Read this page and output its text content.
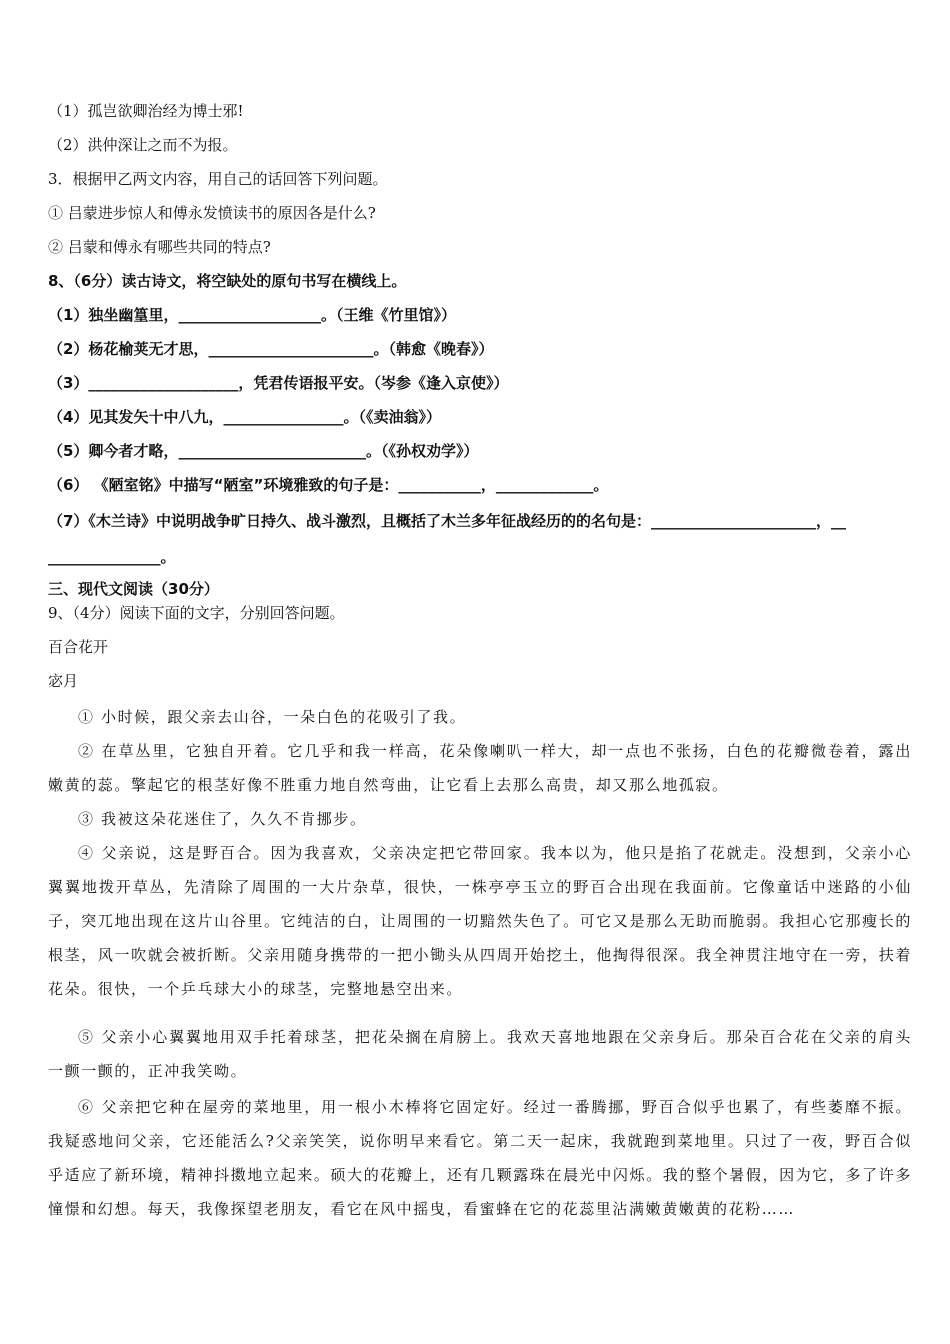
（1）孤岂欲卿治经为博士邪!
（2）洪仲深让之而不为报。
3．根据甲乙两文内容，用自己的话回答下列问题。
① 吕蒙进步惊人和傅永发愤读书的原因各是什么?
② 吕蒙和傅永有哪些共同的特点?
8、（6分）读古诗文，将空缺处的原句书写在横线上。
（1）独坐幽篁里，___________________。（王维《竹里馆》）
（2）杨花榆荚无才思，______________________。（韩愈《晚春》）
（3）____________________，凭君传语报平安。（岑参《逢入京使》）
（4）见其发矢十中八九，________________。（《卖油翁》）
（5）卿今者才略，_________________________。（《孙权劝学》）
（6） 《陋室铭》中描写“陋室”环境雅致的句子是：___________，_____________。
（7）《木兰诗》中说明战争旷日持久、战斗激烈，且概括了木兰多年征战经历的的名句是：______________________，__
_______________。
三、现代文阅读（30分）
9、（4分）阅读下面的文字，分别回答问题。
百合花开
宓月
① 小时候，跟父亲去山谷，一朵白色的花吸引了我。
② 在草丛里，它独自开着。它几乎和我一样高，花朵像喇叭一样大，却一点也不张扬，白色的花瓣微卷着，露出嫩黄的蕊。擎起它的根茎好像不胜重力地自然弯曲，让它看上去那么高贵，却又那么地孤寂。
③ 我被这朵花迷住了，久久不肯挪步。
④ 父亲说，这是野百合。因为我喜欢，父亲决定把它带回家。我本以为，他只是掐了花就走。没想到，父亲小心翼翼地拨开草丛，先清除了周围的一大片杂草，很快，一株亭亭玉立的野百合出现在我面前。它像童话中迷路的小仙子，突兀地出现在这片山谷里。它纯洁的白，让周围的一切黯然失色了。可它又是那么无助而脆弱。我担心它那瘦长的根茎，风一吹就会被折断。父亲用随身携带的一把小锄头从四周开始挖土，他掏得很深。我全神贯注地守在一旁，扶着花朵。很快，一个乒乓球大小的球茎，完整地悬空出来。
⑤ 父亲小心翼翼地用双手托着球茎，把花朵搁在肩膀上。我欢天喜地地跟在父亲身后。那朵百合花在父亲的肩头一颤一颤的，正冲我笑呦。
⑥ 父亲把它种在屋旁的菜地里，用一根小木棒将它固定好。经过一番腾挪，野百合似乎也累了，有些萎靡不振。我疑惑地问父亲，它还能活么?父亲笑笑，说你明早来看它。第二天一起床，我就跑到菜地里。只过了一夜，野百合似乎适应了新环境，精神抖擞地立起来。硕大的花瓣上，还有几颗露珠在晨光中闪烁。我的整个暑假，因为它，多了许多憧憬和幻想。每天，我像探望老朋友，看它在风中摇曳，看蜜蜂在它的花蕊里沾满嫩黄嫩黄的花粉……
